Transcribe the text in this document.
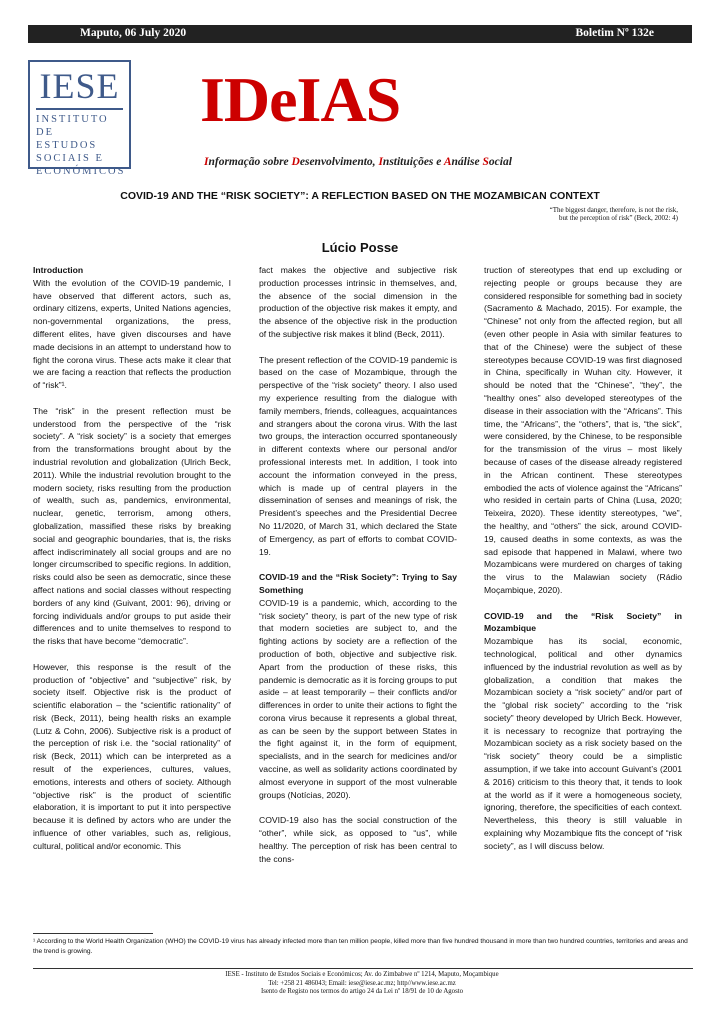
Maputo, 06 July 2020	Boletim Nº 132e
IESE
INSTITUTO DE
ESTUDOS
SOCIAIS E
ECONÓMICOS
IDeIAS
Informação sobre Desenvolvimento, Instituições e Análise Social
COVID-19 AND THE “RISK SOCIETY”: A REFLECTION BASED ON THE MOZAMBICAN CONTEXT
“The biggest danger, therefore, is not the risk,
but the perception of risk” (Beck, 2002: 4)
Lúcio Posse

Introduction

With the evolution of the COVID-19 pandemic, I have observed that different actors, such as, ordinary citizens, experts, United Nations agencies, non-governmental organizations, the press, different elites, have given discourses and have made decisions in an attempt to understand how to fight the corona virus. These acts make it clear that we are facing a reaction that reflects the production of “risk”¹.

The “risk” in the present reflection must be understood from the perspective of the “risk society”. A “risk society” is a society that emerges from the transformations brought about by the industrial revolution and globalization (Ulrich Beck, 2011). While the industrial revolution brought to the modern society, risks resulting from the production of wealth, such as, pandemics, environmental, nuclear, genetic, terrorism, among others, globalization, massified these risks by breaking social and geographic boundaries, that is, the risks affect indiscriminately all social groups and are no longer circumscribed to specific regions. In addition, risks could also be seen as democratic, since these affect nations and social classes without respecting borders of any kind (Guivant, 2001: 96), driving or forcing individuals and/or groups to put aside their differences and to unite themselves to respond to the risks that have become “democratic”.

However, this response is the result of the production of “objective” and “subjective” risk, by society itself. Objective risk is the product of scientific elaboration – the “scientific rationality” of risk (Beck, 2011), being health risks an example (Lutz & Cohn, 2006). Subjective risk is a product of the perception of risk i.e. the “social rationality” of risk (Beck, 2011) which can be interpreted as a result of the experiences, cultures, values, emotions, interests and others of society. Although “objective risk” is the product of scientific elaboration, it is important to put it into perspective because it is defined by actors who are under the influence of other variables, such as, religious, cultural, political and/or economic. This

fact makes the objective and subjective risk production processes intrinsic in themselves, and, the absence of the social dimension in the production of the objective risk makes it empty, and the absence of the objective risk in the production of the subjective risk makes it blind (Beck, 2011).

The present reflection of the COVID-19 pandemic is based on the case of Mozambique, through the perspective of the “risk society” theory. I also used my experience resulting from the dialogue with family members, friends, colleagues, acquaintances and strangers about the corona virus. With the last two groups, the interaction occurred spontaneously in different contexts where our personal and/or professional interests met. In addition, I took into account the information conveyed in the press, which is made up of central players in the dissemination of senses and meanings of risk, the President’s speeches and the Presidential Decree No 11/2020, of March 31, which declared the State of Emergency, as part of efforts to combat COVID-19.

COVID-19 and the “Risk Society”: Trying to Say Something

COVID-19 is a pandemic, which, according to the “risk society” theory, is part of the new type of risk that modern societies are subject to, and the fighting actions by society are a reflection of the production of both, objective and subjective risk. Apart from the production of these risks, this pandemic is democratic as it is forcing groups to put aside – at least temporarily – their conflicts and/or differences in order to unite their actions to fight the corona virus because it represents a global threat, as can be seen by the support between States in the fight against it, in the form of equipment, specialists, and in the search for medicines and/or vaccine, as well as solidarity actions coordinated by almost everyone in support of the most vulnerable groups (Notícias, 2020).

COVID-19 also has the social construction of the “other”, while sick, as opposed to “us”, while healthy. The perception of risk has been central to the cons-

truction of stereotypes that end up excluding or rejecting people or groups because they are considered responsible for something bad in society (Sacramento & Machado, 2015). For example, the “Chinese” not only from the affected region, but all (even other people in Asia with similar features to that of the Chinese) were the subject of these stereotypes because COVID-19 was first diagnosed in China, specifically in Wuhan city. However, it should be noted that the “Chinese”, “they”, the “healthy ones” also developed stereotypes of the disease in their association with the “Africans”. This time, the “Africans”, the “others”, that is, “the sick”, were considered, by the Chinese, to be responsible for the transmission of the virus – most likely because of cases of the disease already registered in the African continent. These stereotypes embodied the acts of violence against the “Africans” who resided in certain parts of China (Lusa, 2020; Teixeira, 2020). These identity stereotypes, “we”, the healthy, and “others” the sick, around COVID-19, caused deaths in some contexts, as was the sad episode that happened in Malawi, where two Mozambicans were murdered on charges of taking the virus to the Malawian society (Rádio Moçambique, 2020).

COVID-19 and the “Risk Society” in Mozambique

Mozambique has its social, economic, technological, political and other dynamics influenced by the industrial revolution as well as by globalization, a condition that makes the Mozambican society a “risk society” and/or part of the “global risk society” according to the “risk society” theory developed by Ulrich Beck. However, it is necessary to recognize that portraying the Mozambican society as a risk society based on the “risk society” theory could be a simplistic assumption, if we take into account Guivant’s (2001 & 2016) criticism to this theory that, it tends to look at the world as if it were a homogeneous society, ignoring, therefore, the specificities of each context. Nevertheless, this theory is still valuable in explaining why Mozambique fits the concept of “risk society”, as I will discuss below.

¹ According to the World Health Organization (WHO) the COVID-19 virus has already infected more than ten million people, killed more than five hundred thousand in more than two hundred countries, territories and areas and the trend is growing.
IESE - Instituto de Estudos Sociais e Económicos; Av. do Zimbabwe nº 1214, Maputo, Moçambique
Tel: +258 21 486043; Email: iese@iese.ac.mz; http//www.iese.ac.mz
Isento de Registo nos termos do artigo 24 da Lei nº 18/91 de 10 de Agosto
